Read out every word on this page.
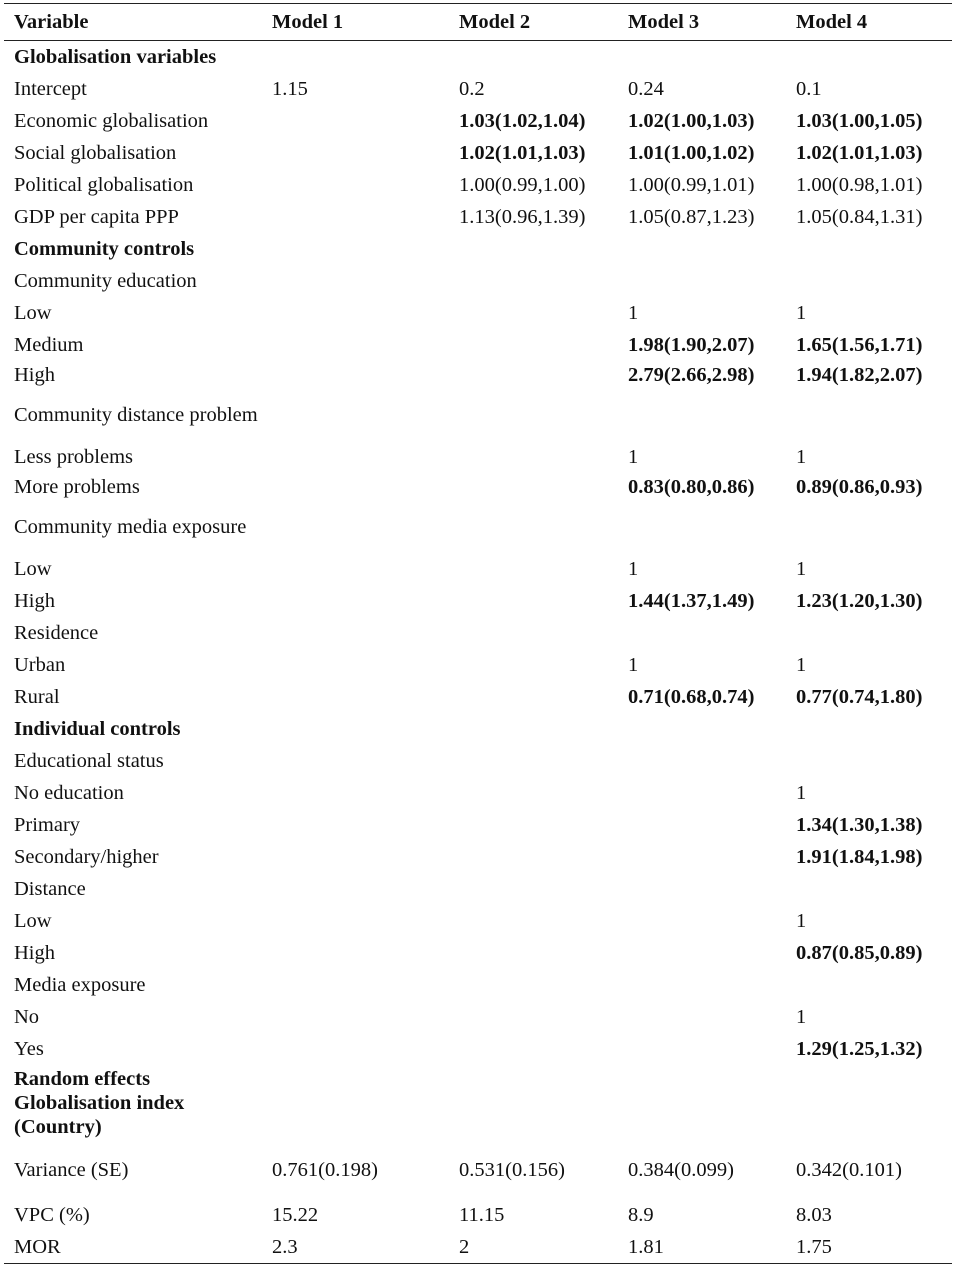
Variable	Model 1	Model 2	Model 3	Model 4
Globalisation variables				
Intercept	1.15	0.2	0.24	0.1
Economic globalisation		1.03(1.02,1.04)	1.02(1.00,1.03)	1.03(1.00,1.05)
Social globalisation		1.02(1.01,1.03)	1.01(1.00,1.02)	1.02(1.01,1.03)
Political globalisation		1.00(0.99,1.00)	1.00(0.99,1.01)	1.00(0.98,1.01)
GDP per capita PPP		1.13(0.96,1.39)	1.05(0.87,1.23)	1.05(0.84,1.31)
Community controls				
Community education				
Low			1	1
Medium			1.98(1.90,2.07)	1.65(1.56,1.71)
High			2.79(2.66,2.98)	1.94(1.82,2.07)
Community distance problem				
Less problems			1	1
More problems			0.83(0.80,0.86)	0.89(0.86,0.93)
Community media exposure				
Low			1	1
High			1.44(1.37,1.49)	1.23(1.20,1.30)
Residence				
Urban			1	1
Rural			0.71(0.68,0.74)	0.77(0.74,1.80)
Individual controls				
Educational status				
No education				1
Primary				1.34(1.30,1.38)
Secondary/higher				1.91(1.84,1.98)
Distance				
Low				1
High				0.87(0.85,0.89)
Media exposure				
No				1
Yes				1.29(1.25,1.32)
Random effects Globalisation index (Country)				
Variance (SE)	0.761(0.198)	0.531(0.156)	0.384(0.099)	0.342(0.101)
VPC (%)	15.22	11.15	8.9	8.03
MOR	2.3	2	1.81	1.75
